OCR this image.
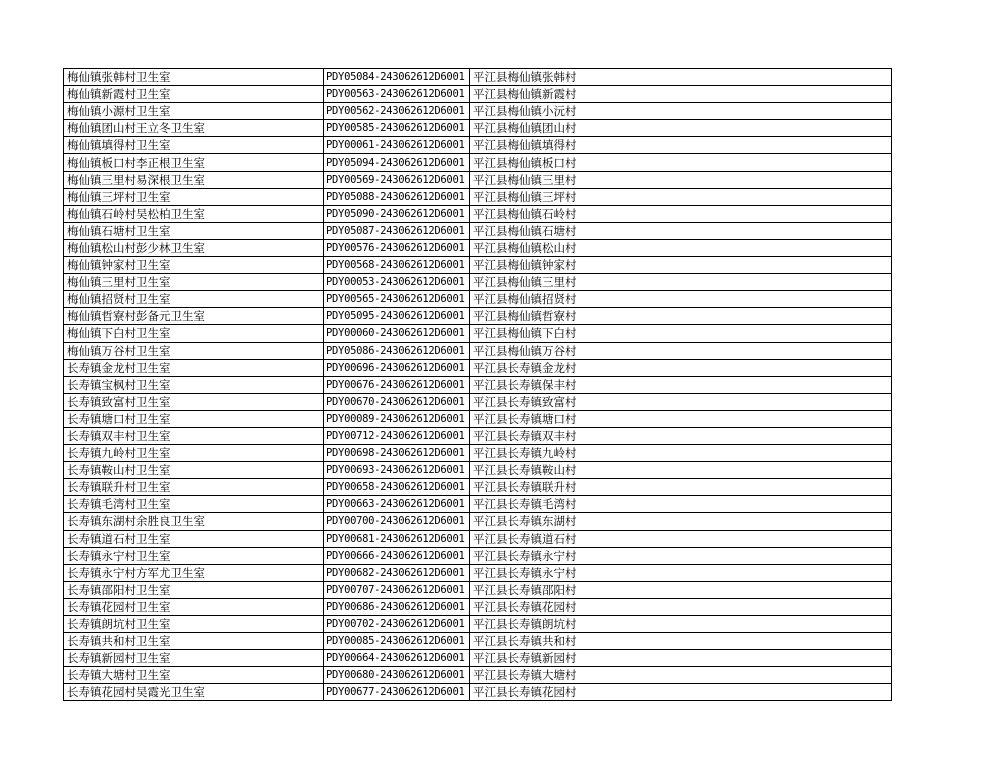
梅仙镇张韩村卫生室	PDY05084-243062612D6001	平江县梅仙镇张韩村
梅仙镇新霞村卫生室	PDY00563-243062612D6001	平江县梅仙镇新霞村
梅仙镇小源村卫生室	PDY00562-243062612D6001	平江县梅仙镇小沅村
梅仙镇团山村王立冬卫生室	PDY00585-243062612D6001	平江县梅仙镇团山村
梅仙镇填得村卫生室	PDY00061-243062612D6001	平江县梅仙镇填得村
梅仙镇板口村李正根卫生室	PDY05094-243062612D6001	平江县梅仙镇板口村
梅仙镇三里村易深根卫生室	PDY00569-243062612D6001	平江县梅仙镇三里村
梅仙镇三坪村卫生室	PDY05088-243062612D6001	平江县梅仙镇三坪村
梅仙镇石岭村吴松柏卫生室	PDY05090-243062612D6001	平江县梅仙镇石岭村
梅仙镇石塘村卫生室	PDY05087-243062612D6001	平江县梅仙镇石塘村
梅仙镇松山村彭少林卫生室	PDY00576-243062612D6001	平江县梅仙镇松山村
梅仙镇钟家村卫生室	PDY00568-243062612D6001	平江县梅仙镇钟家村
梅仙镇三里村卫生室	PDY00053-243062612D6001	平江县梅仙镇三里村
梅仙镇招贤村卫生室	PDY00565-243062612D6001	平江县梅仙镇招贤村
梅仙镇哲寮村彭备元卫生室	PDY05095-243062612D6001	平江县梅仙镇哲寮村
梅仙镇下白村卫生室	PDY00060-243062612D6001	平江县梅仙镇下白村
梅仙镇万谷村卫生室	PDY05086-243062612D6001	平江县梅仙镇万谷村
长寿镇金龙村卫生室	PDY00696-243062612D6001	平江县长寿镇金龙村
长寿镇宝枫村卫生室	PDY00676-243062612D6001	平江县长寿镇保丰村
长寿镇致富村卫生室	PDY00670-243062612D6001	平江县长寿镇致富村
长寿镇塘口村卫生室	PDY00089-243062612D6001	平江县长寿镇塘口村
长寿镇双丰村卫生室	PDY00712-243062612D6001	平江县长寿镇双丰村
长寿镇九岭村卫生室	PDY00698-243062612D6001	平江县长寿镇九岭村
长寿镇鞍山村卫生室	PDY00693-243062612D6001	平江县长寿镇鞍山村
长寿镇联升村卫生室	PDY00658-243062612D6001	平江县长寿镇联升村
长寿镇毛湾村卫生室	PDY00663-243062612D6001	平江县长寿镇毛湾村
长寿镇东湖村余胜良卫生室	PDY00700-243062612D6001	平江县长寿镇东湖村
长寿镇道石村卫生室	PDY00681-243062612D6001	平江县长寿镇道石村
长寿镇永宁村卫生室	PDY00666-243062612D6001	平江县长寿镇永宁村
长寿镇永宁村方军尤卫生室	PDY00682-243062612D6001	平江县长寿镇永宁村
长寿镇邵阳村卫生室	PDY00707-243062612D6001	平江县长寿镇邵阳村
长寿镇花园村卫生室	PDY00686-243062612D6001	平江县长寿镇花园村
长寿镇朗坑村卫生室	PDY00702-243062612D6001	平江县长寿镇朗坑村
长寿镇共和村卫生室	PDY00085-243062612D6001	平江县长寿镇共和村
长寿镇新园村卫生室	PDY00664-243062612D6001	平江县长寿镇新园村
长寿镇大塘村卫生室	PDY00680-243062612D6001	平江县长寿镇大塘村
长寿镇花园村吴霞光卫生室	PDY00677-243062612D6001	平江县长寿镇花园村
